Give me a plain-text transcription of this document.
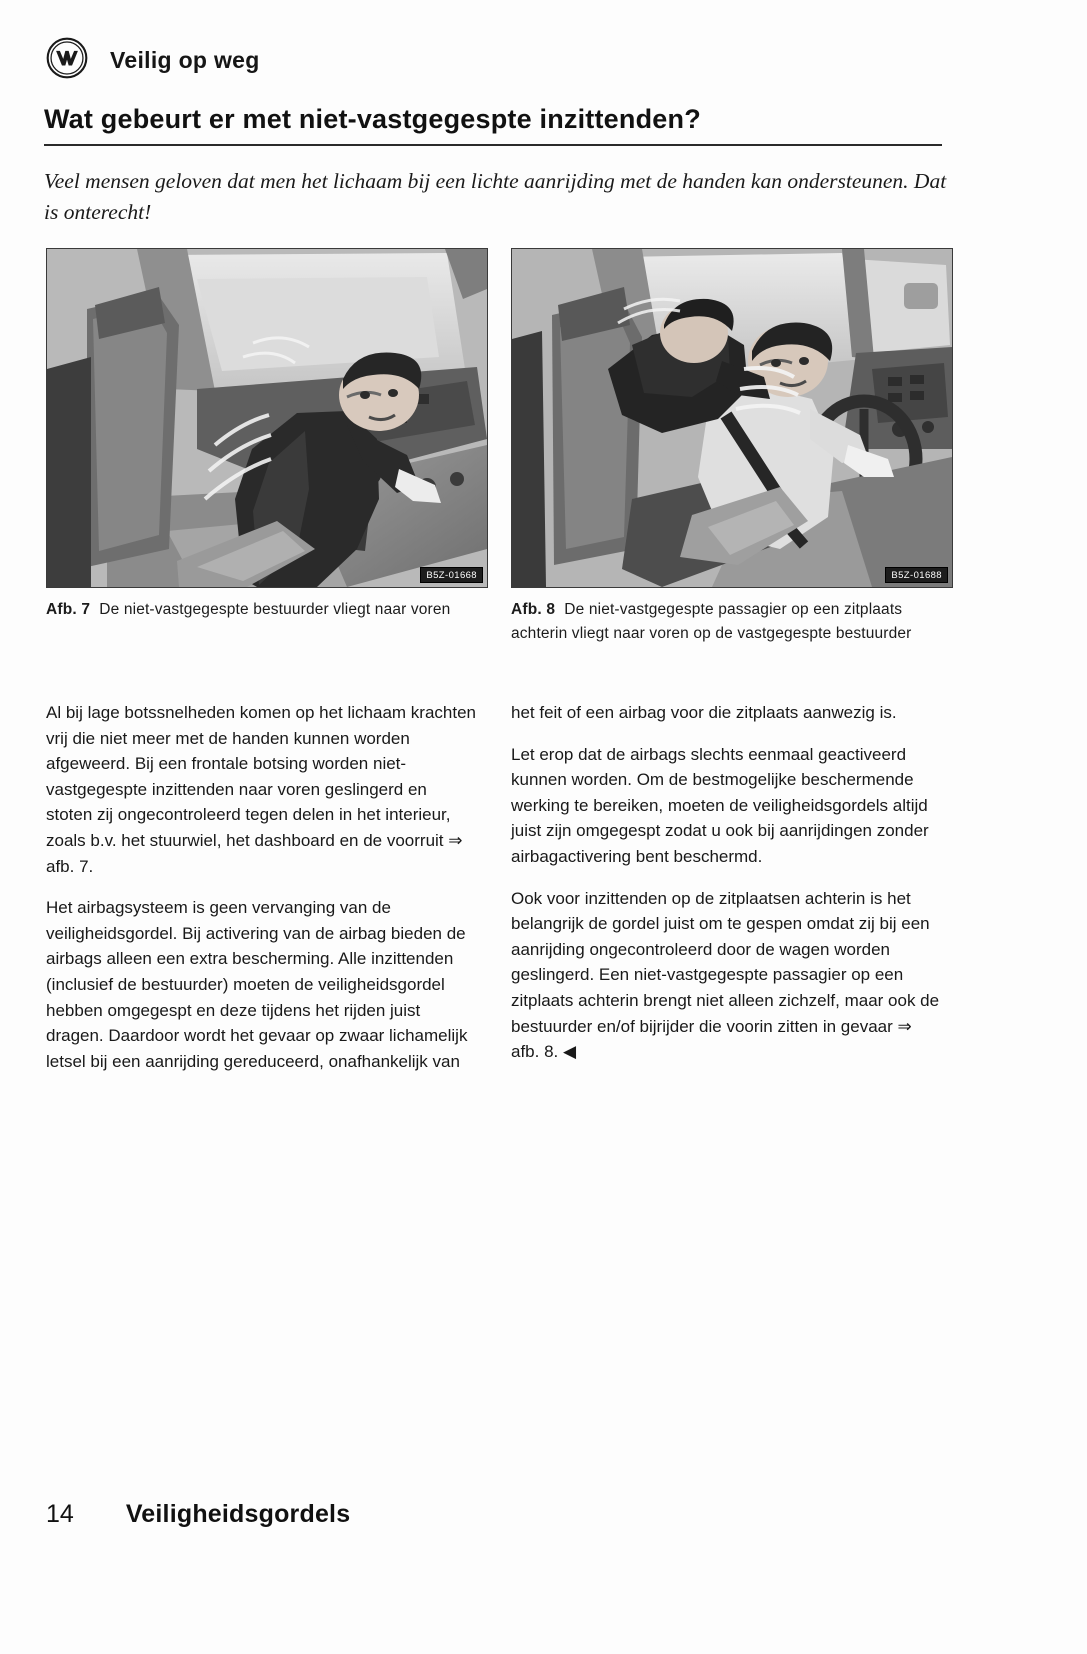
Veilig op weg
Wat gebeurt er met niet-vastgegespte inzittenden?
Veel mensen geloven dat men het lichaam bij een lichte aanrijding met de handen kan ondersteunen. Dat is onterecht!
B5Z-01668	B5Z-01688
Afb. 7 De niet-vastgegespte bestuurder vliegt naar voren	Afb. 8 De niet-vastgegespte passagier op een zitplaats achterin vliegt naar voren op de vastgegespte bestuurder

Al bij lage botssnelheden komen op het lichaam krachten vrij die niet meer met de handen kunnen worden afgeweerd. Bij een frontale botsing worden niet-vastgegespte inzittenden naar voren geslingerd en stoten zij ongecontroleerd tegen delen in het interieur, zoals b.v. het stuurwiel, het dashboard en de voorruit ⇒ afb. 7.

Het airbagsysteem is geen vervanging van de veiligheidsgordel. Bij activering van de airbag bieden de airbags alleen een extra bescherming. Alle inzittenden (inclusief de bestuurder) moeten de veiligheidsgordel hebben omgegespt en deze tijdens het rijden juist dragen. Daardoor wordt het gevaar op zwaar lichamelijk letsel bij een aanrijding gereduceerd, onafhankelijk van

het feit of een airbag voor die zitplaats aanwezig is.

Let erop dat de airbags slechts eenmaal geactiveerd kunnen worden. Om de bestmogelijke beschermende werking te bereiken, moeten de veiligheidsgordels altijd juist zijn omgegespt zodat u ook bij aanrijdingen zonder airbagactivering bent beschermd.

Ook voor inzittenden op de zitplaatsen achterin is het belangrijk de gordel juist om te gespen omdat zij bij een aanrijding ongecontroleerd door de wagen worden geslingerd. Een niet-vastgegespte passagier op een zitplaats achterin brengt niet alleen zichzelf, maar ook de bestuurder en/of bijrijder die voorin zitten in gevaar ⇒ afb. 8. ◀

14 Veiligheidsgordels
